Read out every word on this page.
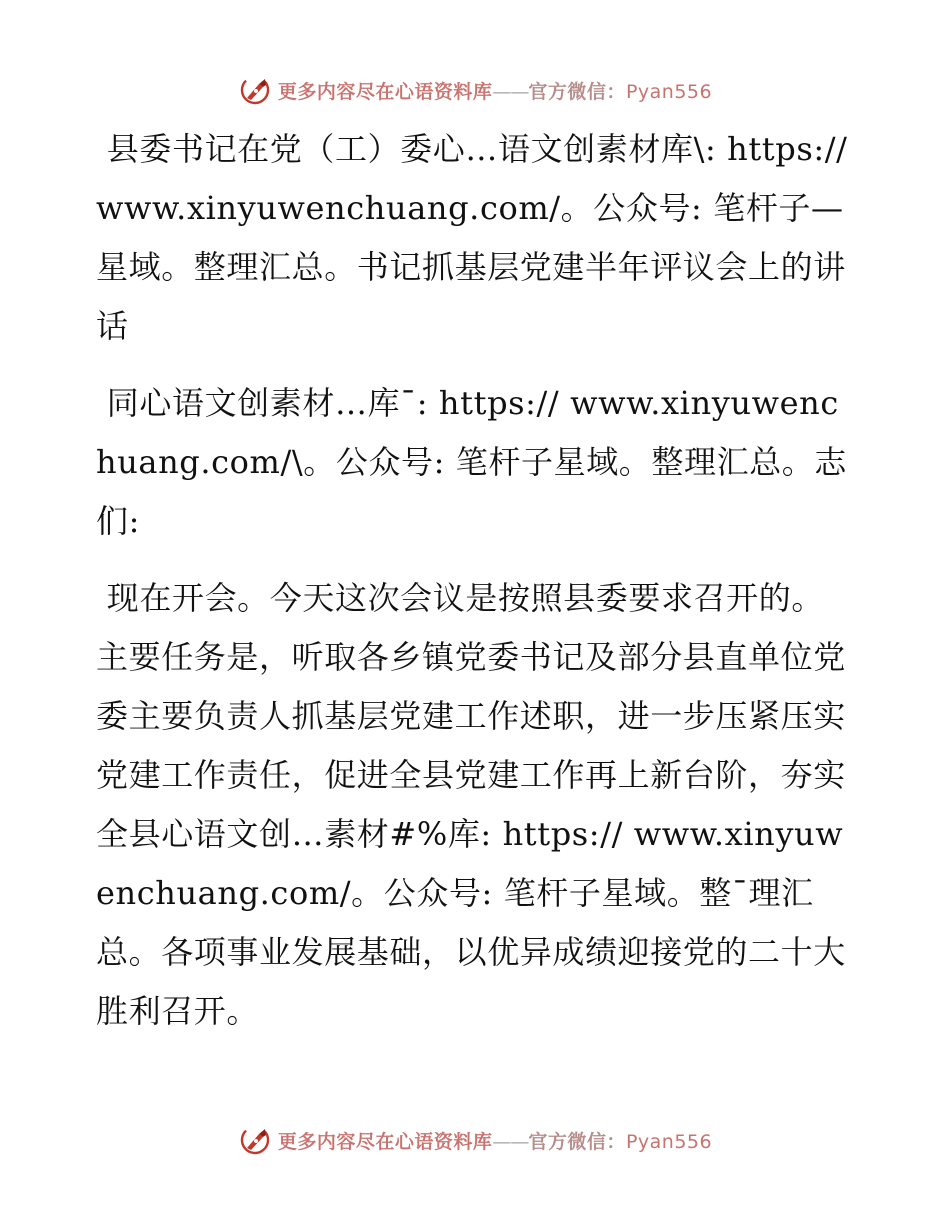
更多内容尽在心语资料库——官方微信：Pyan556

县委书记在党（工）委心…语文创素材库\: https://www.xinyuwenchuang.com/。公众号: 笔杆子—星域。整理汇总。书记抓基层党建半年评议会上的讲话

同心语文创素材…库¯: https:// www.xinyuwenchuang.com/\。公众号: 笔杆子星域。整理汇总。志们:

现在开会。今天这次会议是按照县委要求召开的。主要任务是，听取各乡镇党委书记及部分县直单位党委主要负责人抓基层党建工作述职，进一步压紧压实党建工作责任，促进全县党建工作再上新台阶，夯实全县心语文创…素材#%库: https:// www.xinyuwenchuang.com/。公众号: 笔杆子星域。整¯理汇总。各项事业发展基础，以优异成绩迎接党的二十大胜利召开。

更多内容尽在心语资料库——官方微信：Pyan556
